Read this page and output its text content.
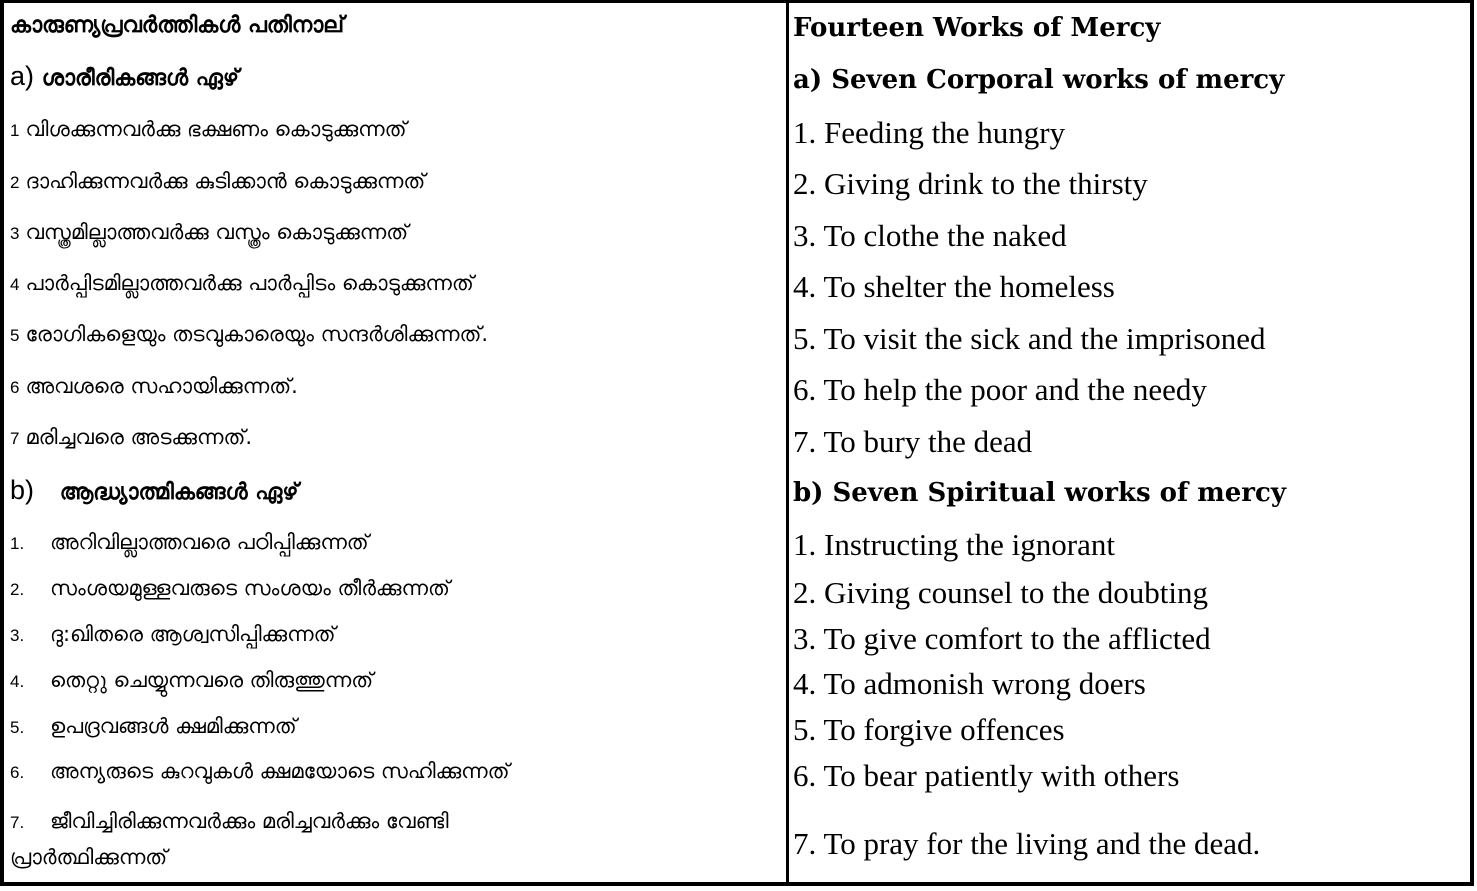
കാരുണ്യപ്രവർത്തികൾ പതിനാല്
a) ശാരീരികങ്ങൾ ഏഴ്
1 വിശക്കുന്നവർക്കു ഭക്ഷണം കൊടുക്കുന്നത്
2 ദാഹിക്കുന്നവർക്കു കുടിക്കാൻ കൊടുക്കുന്നത്
3 വസ്ത്രമില്ലാത്തവർക്കു വസ്ത്രം കൊടുക്കുന്നത്
4 പാർപ്പിടമില്ലാത്തവർക്കു പാർപ്പിടം കൊടുക്കുന്നത്
5 രോഗികളെയും തടവുകാരെയും സന്ദർശിക്കുന്നത്.
6 അവശരെ സഹായിക്കുന്നത്.
7 മരിച്ചവരെ അടക്കുന്നത്.
b) ആദ്ധ്യാത്മികങ്ങൾ ഏഴ്
1. അറിവില്ലാത്തവരെ പഠിപ്പിക്കുന്നത്
2. സംശയമുള്ളവരുടെ സംശയം തീർക്കുന്നത്
3. ദു:ഖിതരെ ആശ്വസിപ്പിക്കുന്നത്
4. തെറ്റു ചെയ്യുന്നവരെ തിരുത്തുന്നത്
5. ഉപദ്രവങ്ങൾ ക്ഷമിക്കുന്നത്
6. അന്യരുടെ കുറവുകൾ ക്ഷമയോടെ സഹിക്കുന്നത്
7. ജീവിച്ചിരിക്കുന്നവർക്കും മരിച്ചവർക്കും വേണ്ടി
പ്രാർത്ഥിക്കുന്നത്
Fourteen Works of Mercy
a) Seven Corporal works of mercy
1. Feeding the hungry
2. Giving drink to the thirsty
3. To clothe the naked
4. To shelter the homeless
5. To visit the sick and the imprisoned
6. To help the poor and the needy
7. To bury the dead
b) Seven Spiritual works of mercy
1. Instructing the ignorant
2. Giving counsel to the doubting
3. To give comfort to the afflicted
4. To admonish wrong doers
5. To forgive offences
6. To bear patiently with others
7. To pray for the living and the dead.
